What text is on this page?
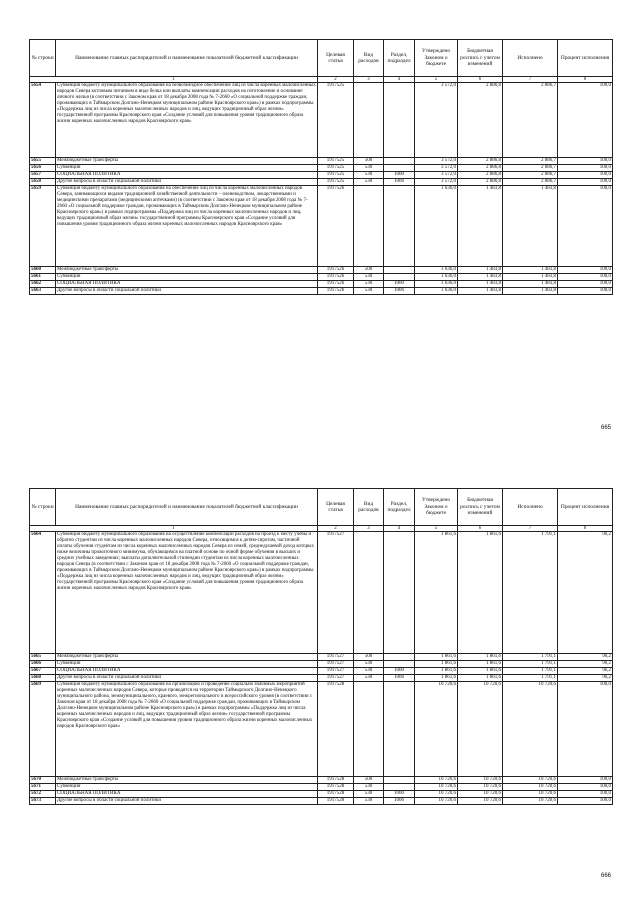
№ строки	Наименование главных распорядителей и наименование показателей бюджетной классификации	Целевая статья	Вид расходов	Раздел, подраздел	Утверждено Законом о бюджете	Бюджетная роспись с учетом изменений	Исполнено	Процент исполнения
1		2	3	4	5	6	7	8
5654	Субвенция бюджету муниципального образования на безвозмездное обеспечение лиц из числа коренных малочисленных народов Севера котловым питанием в виде белка или выплаты компенсации расходов на изготовление и основание личного жилья (в соответствии с Законом края от 18 декабря 2008 года № 7-2660 «О социальной поддержке граждан, проживающих в Таймырском Долгано-Ненецком муниципальном районе Красноярского края») в рамках подпрограммы «Поддержка лиц из числа коренных малочисленных народов и лиц, ведущих традиционный образ жизни» государственной программы Красноярского края «Создание условий для повышения уровня традиционного образа жизни коренных малочисленных народов Красноярского края»	1917525			3 572,0	2 886,8	2 886,7	100,0
5655	Межбюджетные трансферты	1917525	500		3 572,0	2 886,8	2 886,7	100,0
5656	Субвенции	1917525	530		3 572,0	2 886,8	2 886,7	100,0
5657	СОЦИАЛЬНАЯ ПОЛИТИКА	1917525	530	1000	3 572,0	2 886,8	2 886,7	100,0
5658	Другие вопросы в области социальной политики	1917525	530	1006	3 572,0	2 886,8	2 886,7	100,0
5659	Субвенция бюджету муниципального образования на обеспечение лиц из числа коренных малочисленных народов Севера, занимающихся видами традиционной хозяйственной деятельности – оленеводством, лекарственными и медицинскими препаратами (медицинскими аптечками) (в соответствии с Законом края от 18 декабря 2008 года № 7-2660 «О социальной поддержке граждан, проживающих в Таймырском Долгано-Ненецком муниципальном районе Красноярского края») в рамках подпрограммы «Поддержка лиц из числа коренных малочисленных народов и лиц, ведущих традиционный образ жизни» государственной программы Красноярского края «Создание условий для повышения уровня традиционного образа жизни коренных малочисленных народов Красноярского края»	1917526			1 636,0	1 483,8	1 483,8	100,0
5660	Межбюджетные трансферты	1917526	500		1 636,0	1 483,8	1 483,8	100,0
5661	Субвенции	1917526	530		1 636,0	1 483,8	1 483,8	100,0
5662	СОЦИАЛЬНАЯ ПОЛИТИКА	1917526	530	1000	1 636,0	1 483,8	1 483,8	100,0
5663	Другие вопросы в области социальной политики	1917526	530	1006	1 636,0	1 483,8	1 483,8	100,0
665
№ строки	Наименование главных распорядителей и наименование показателей бюджетной классификации	Целевая статья	Вид расходов	Раздел, подраздел	Утверждено Законом о бюджете	Бюджетная роспись с учетом изменений	Исполнено	Процент исполнения
1		2	3	4	5	6	7	8
5664	Субвенция бюджету муниципального образования на осуществление компенсации расходов на проезд к месту учебы и обратно студентам из числа коренных малочисленных народов Севера, относящимся к детям-сиротам, частичной оплаты обучения студентам из числа коренных малочисленных народов Севера из семей, среднедушевой доход которых ниже величины прожиточного минимума, обучающимся на платной основе по очной форме обучения в высших и средних учебных заведениях; выплаты дополнительной стипендии студентам из числа коренных малочисленных народов Севера (в соответствии с Законом края от 18 декабря 2008 года № 7-2660 «О социальной поддержке граждан, проживающих в Таймырском Долгано-Ненецком муниципальном районе Красноярского края») в рамках подпрограммы «Поддержка лиц из числа коренных малочисленных народов и лиц, ведущих традиционный образ жизни» государственной программы Красноярского края «Создание условий для повышения уровня традиционного образа жизни коренных малочисленных народов Красноярского края»	1917527			1 861,6	1 861,6	1 791,1	96,2
5665	Межбюджетные трансферты	1917527	500		1 861,6	1 861,6	1 791,1	96,2
5666	Субвенции	1917527	530		1 861,6	1 861,6	1 791,1	96,2
5667	СОЦИАЛЬНАЯ ПОЛИТИКА	1917527	530	1000	1 861,6	1 861,6	1 791,1	96,2
5668	Другие вопросы в области социальной политики	1917527	530	1006	1 861,6	1 861,6	1 791,1	96,2
5669	Субвенция бюджету муниципального образования на организацию и проведение социально значимых мероприятий коренных малочисленных народов Севера, которые проводятся на территории Таймырского Долгано-Ненецкого муниципального района, межмуниципального, краевого, межрегионального и всероссийского уровня (в соответствии с Законом края от 18 декабря 2008 года № 7-2660 «О социальной поддержке граждан, проживающих в Таймырском Долгано-Ненецком муниципальном районе Красноярского края») в рамках подпрограммы «Поддержка лиц из числа коренных малочисленных народов и лиц, ведущих традиционный образ жизни» государственной программы Красноярского края «Создание условий для повышения уровня традиционного образа жизни коренных малочисленных народов Красноярского края»	1917528			10 720,6	10 720,6	10 720,6	100,0
5670	Межбюджетные трансферты	1917528	500		10 720,6	10 720,6	10 720,6	100,0
5671	Субвенции	1917528	530		10 720,6	10 720,6	10 720,6	100,0
5672	СОЦИАЛЬНАЯ ПОЛИТИКА	1917528	530	1000	10 720,6	10 720,6	10 720,6	100,0
5673	Другие вопросы в области социальной политики	1917528	530	1006	10 720,6	10 720,6	10 720,6	100,0
666
